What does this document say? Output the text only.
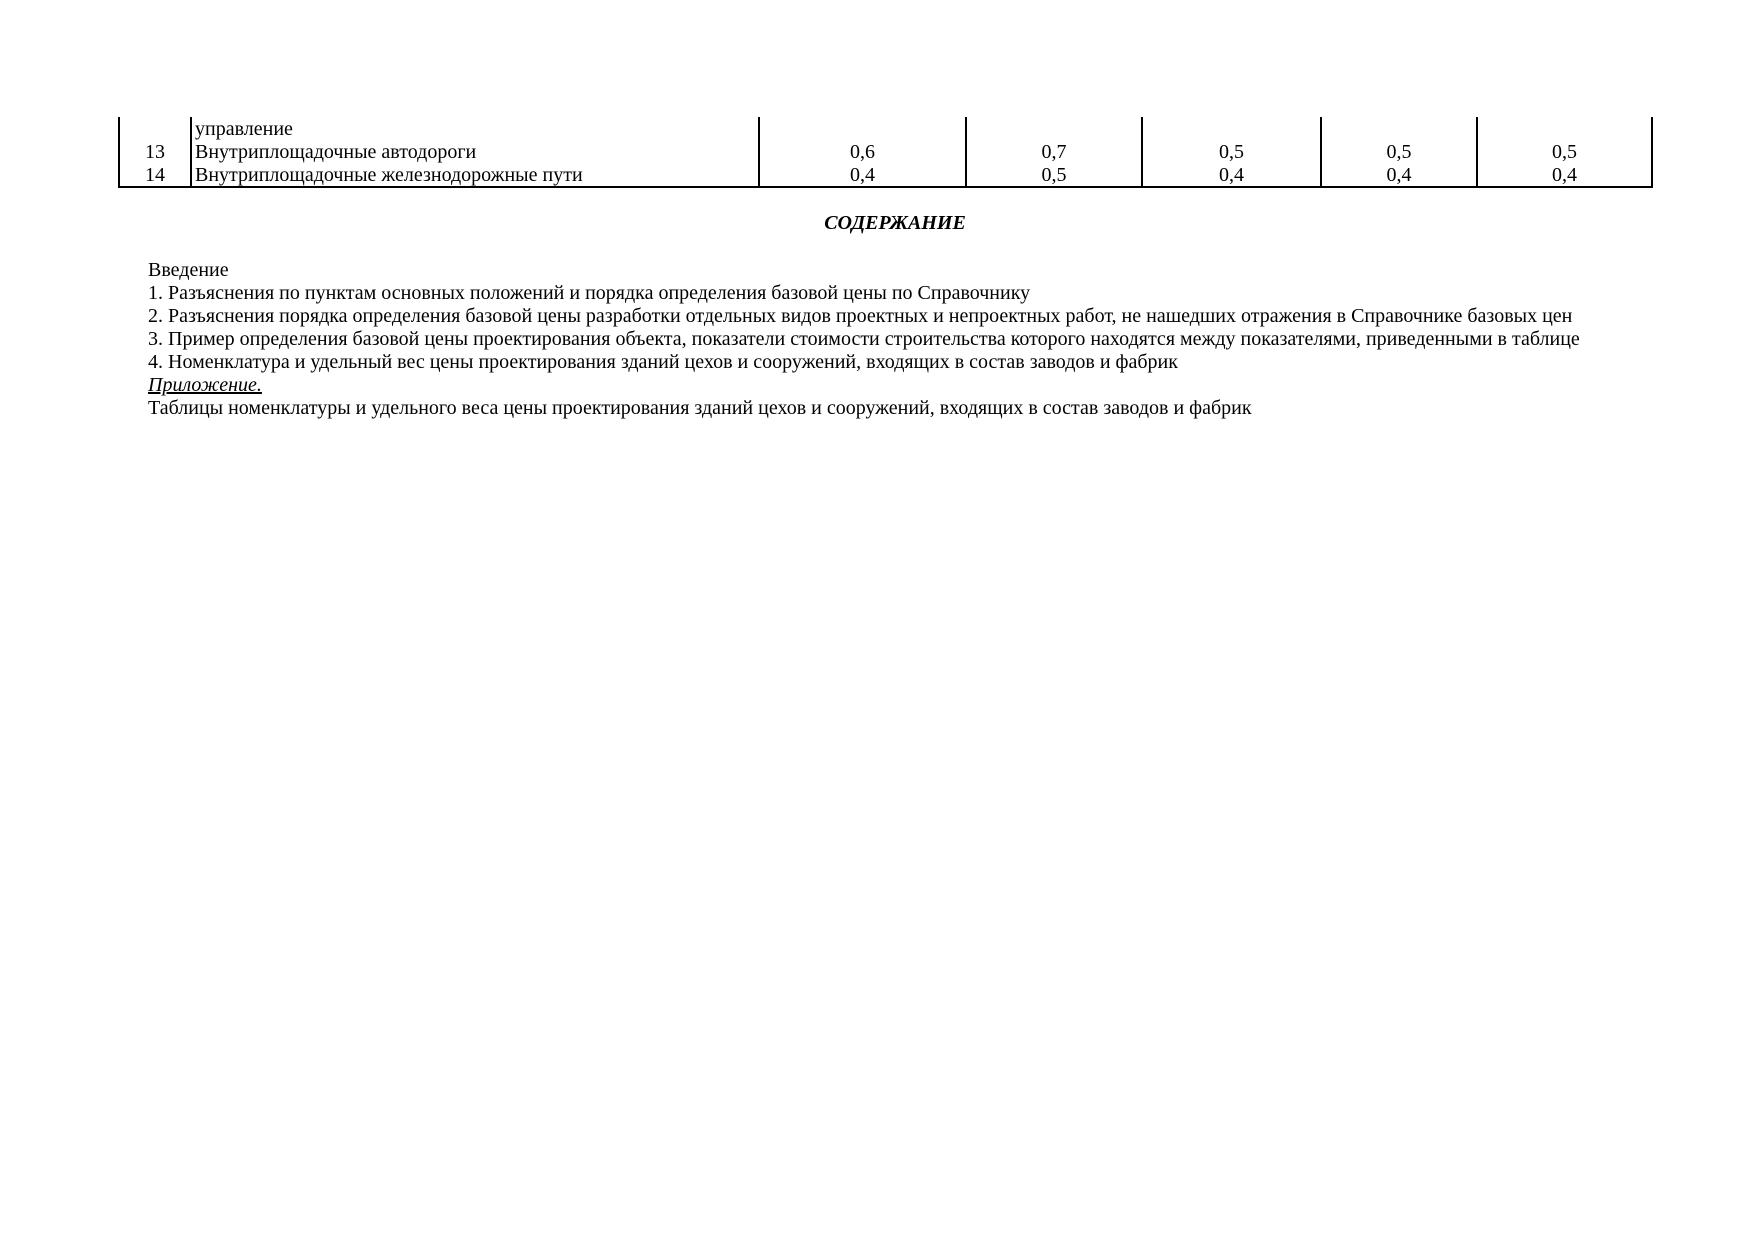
	управление					
13	Внутриплощадочные автодороги	0,6	0,7	0,5	0,5	0,5
14	Внутриплощадочные железнодорожные пути	0,4	0,5	0,4	0,4	0,4
СОДЕРЖАНИЕ
Введение
1. Разъяснения по пунктам основных положений и порядка определения базовой цены по Справочнику
2. Разъяснения порядка определения базовой цены разработки отдельных видов проектных и непроектных работ, не нашедших отражения в Справочнике базовых цен
3. Пример определения базовой цены проектирования объекта, показатели стоимости строительства которого находятся между показателями, приведенными в таблице
4. Номенклатура и удельный вес цены проектирования зданий цехов и сооружений, входящих в состав заводов и фабрик
Приложение.
Таблицы номенклатуры и удельного веса цены проектирования зданий цехов и сооружений, входящих в состав заводов и фабрик
